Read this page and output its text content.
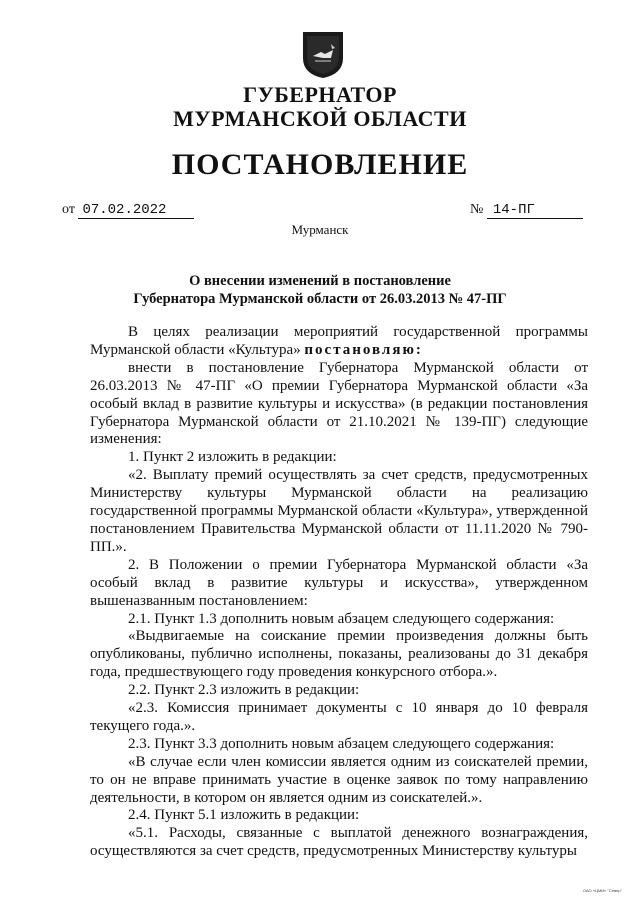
ГУБЕРНАТОР
МУРМАНСКОЙ ОБЛАСТИ
ПОСТАНОВЛЕНИЕ
от 07.02.2022	№ 14-ПГ
Мурманск
О внесении изменений в постановление
Губернатора Мурманской области от 26.03.2013 № 47-ПГ

В целях реализации мероприятий государственной программы Мурманской области «Культура» постановляю:

внести в постановление Губернатора Мурманской области от 26.03.2013 № 47-ПГ «О премии Губернатора Мурманской области «За особый вклад в развитие культуры и искусства» (в редакции постановления Губернатора Мурманской области от 21.10.2021 № 139-ПГ) следующие изменения:

1. Пункт 2 изложить в редакции:

«2. Выплату премий осуществлять за счет средств, предусмотренных Министерству культуры Мурманской области на реализацию государственной программы Мурманской области «Культура», утвержденной постановлением Правительства Мурманской области от 11.11.2020 № 790-ПП.».

2. В Положении о премии Губернатора Мурманской области «За особый вклад в развитие культуры и искусства», утвержденном вышеназванным постановлением:

2.1. Пункт 1.3 дополнить новым абзацем следующего содержания:

«Выдвигаемые на соискание премии произведения должны быть опубликованы, публично исполнены, показаны, реализованы до 31 декабря года, предшествующего году проведения конкурсного отбора.».

2.2. Пункт 2.3 изложить в редакции:

«2.3. Комиссия принимает документы с 10 января до 10 февраля текущего года.».

2.3. Пункт 3.3 дополнить новым абзацем следующего содержания:

«В случае если член комиссии является одним из соискателей премии, то он не вправе принимать участие в оценке заявок по тому направлению деятельности, в котором он является одним из соискателей.».

2.4. Пункт 5.1 изложить в редакции:

«5.1. Расходы, связанные с выплатой денежного вознаграждения, осуществляются за счет средств, предусмотренных Министерству культуры

ОАО «ЦМИ» "Север"
